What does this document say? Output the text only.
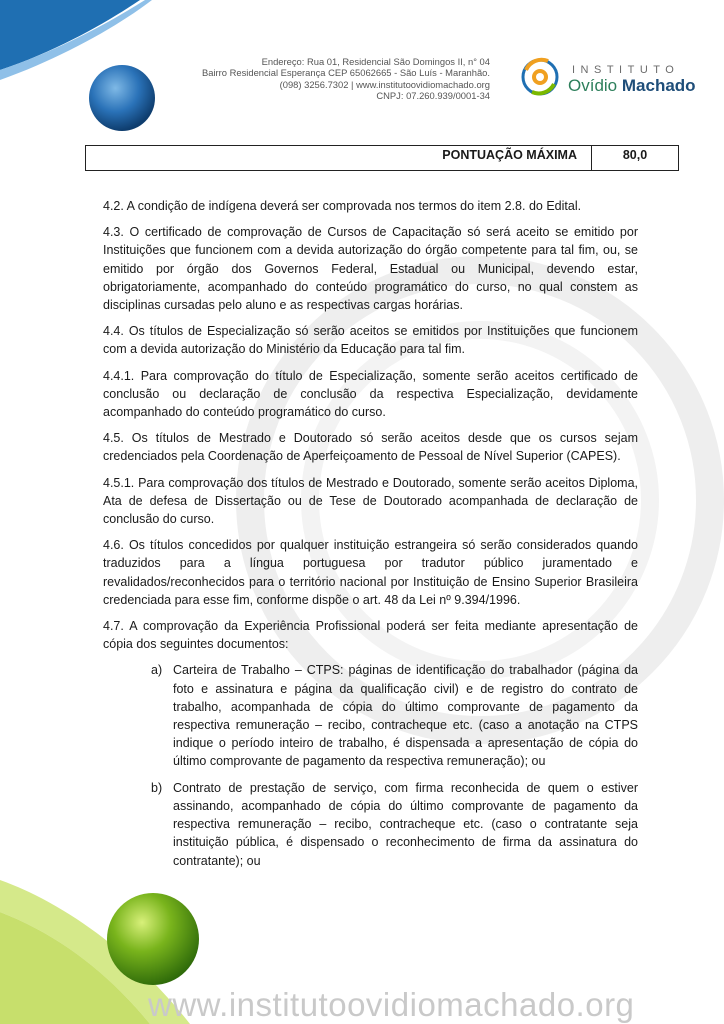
Endereço: Rua 01, Residencial São Domingos II, n° 04
Bairro Residencial Esperança CEP 65062665 - São Luís - Maranhão.
(098) 3256.7302 | www.institutoovidiomachado.org
CNPJ: 07.260.939/0001-34
INSTITUTO
Ovídio Machado
PONTUAÇÃO MÁXIMA	80,0

4.2. A condição de indígena deverá ser comprovada nos termos do item 2.8. do Edital.

4.3. O certificado de comprovação de Cursos de Capacitação só será aceito se emitido por Instituições que funcionem com a devida autorização do órgão competente para tal fim, ou, se emitido por órgão dos Governos Federal, Estadual ou Municipal, devendo estar, obrigatoriamente, acompanhado do conteúdo programático do curso, no qual constem as disciplinas cursadas pelo aluno e as respectivas cargas horárias.

4.4. Os títulos de Especialização só serão aceitos se emitidos por Instituições que funcionem com a devida autorização do Ministério da Educação para tal fim.

4.4.1. Para comprovação do título de Especialização, somente serão aceitos certificado de conclusão ou declaração de conclusão da respectiva Especialização, devidamente acompanhado do conteúdo programático do curso.

4.5. Os títulos de Mestrado e Doutorado só serão aceitos desde que os cursos sejam credenciados pela Coordenação de Aperfeiçoamento de Pessoal de Nível Superior (CAPES).

4.5.1. Para comprovação dos títulos de Mestrado e Doutorado, somente serão aceitos Diploma, Ata de defesa de Dissertação ou de Tese de Doutorado acompanhada de declaração de conclusão do curso.

4.6. Os títulos concedidos por qualquer instituição estrangeira só serão considerados quando traduzidos para a língua portuguesa por tradutor público juramentado e revalidados/reconhecidos para o território nacional por Instituição de Ensino Superior Brasileira credenciada para esse fim, conforme dispõe o art. 48 da Lei nº 9.394/1996.

4.7. A comprovação da Experiência Profissional poderá ser feita mediante apresentação de cópia dos seguintes documentos:

a) Carteira de Trabalho – CTPS: páginas de identificação do trabalhador (página da foto e assinatura e página da qualificação civil) e de registro do contrato de trabalho, acompanhada de cópia do último comprovante de pagamento da respectiva remuneração – recibo, contracheque etc. (caso a anotação na CTPS indique o período inteiro de trabalho, é dispensada a apresentação de cópia do último comprovante de pagamento da respectiva remuneração); ou
b) Contrato de prestação de serviço, com firma reconhecida de quem o estiver assinando, acompanhado de cópia do último comprovante de pagamento da respectiva remuneração – recibo, contracheque etc. (caso o contratante seja instituição pública, é dispensado o reconhecimento de firma da assinatura do contratante); ou
www.institutoovidiomachado.org
